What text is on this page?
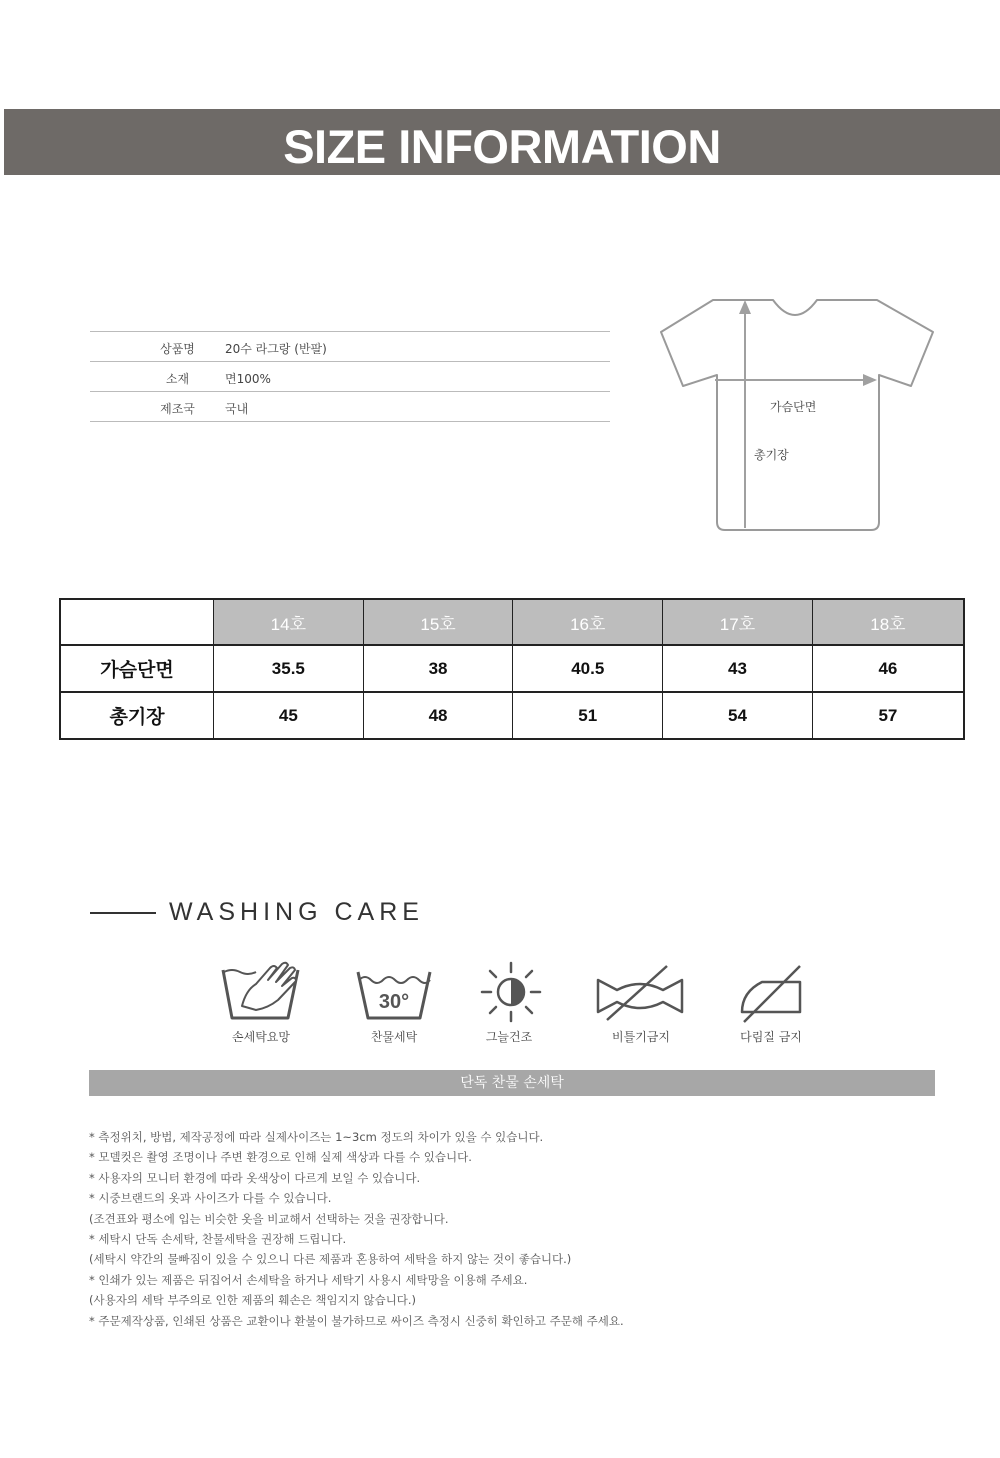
SIZE INFORMATION
상품명	20수 라그랑 (반팔)
소재	면100%
제조국	국내	가슴단면
총기장
	14호	15호	16호	17호	18호
가슴단면	35.5	38	40.5	43	46
총기장	45	48	51	54	57
WASHING CARE
30°
손세탁요망	찬물세탁	그늘건조	비틀기금지	다림질 금지
단독 찬물 손세탁
* 측정위치, 방법, 제작공정에 따라 실제사이즈는 1~3cm 정도의 차이가 있을 수 있습니다.
* 모델컷은 촬영 조명이나 주변 환경으로 인해 실제 색상과 다를 수 있습니다.
* 사용자의 모니터 환경에 따라 옷색상이 다르게 보일 수 있습니다.
* 시중브랜드의 옷과 사이즈가 다를 수 있습니다.
(조견표와 평소에 입는 비슷한 옷을 비교해서 선택하는 것을 권장합니다.
* 세탁시 단독 손세탁, 찬물세탁을 권장해 드립니다.
(세탁시 약간의 물빠짐이 있을 수 있으니 다른 제품과 혼용하여 세탁을 하지 않는 것이 좋습니다.)
* 인쇄가 있는 제품은 뒤집어서 손세탁을 하거나 세탁기 사용시 세탁망을 이용해 주세요.
(사용자의 세탁 부주의로 인한 제품의 훼손은 책임지지 않습니다.)
* 주문제작상품, 인쇄된 상품은 교환이나 환불이 불가하므로 싸이즈 측정시 신중히 확인하고 주문해 주세요.
